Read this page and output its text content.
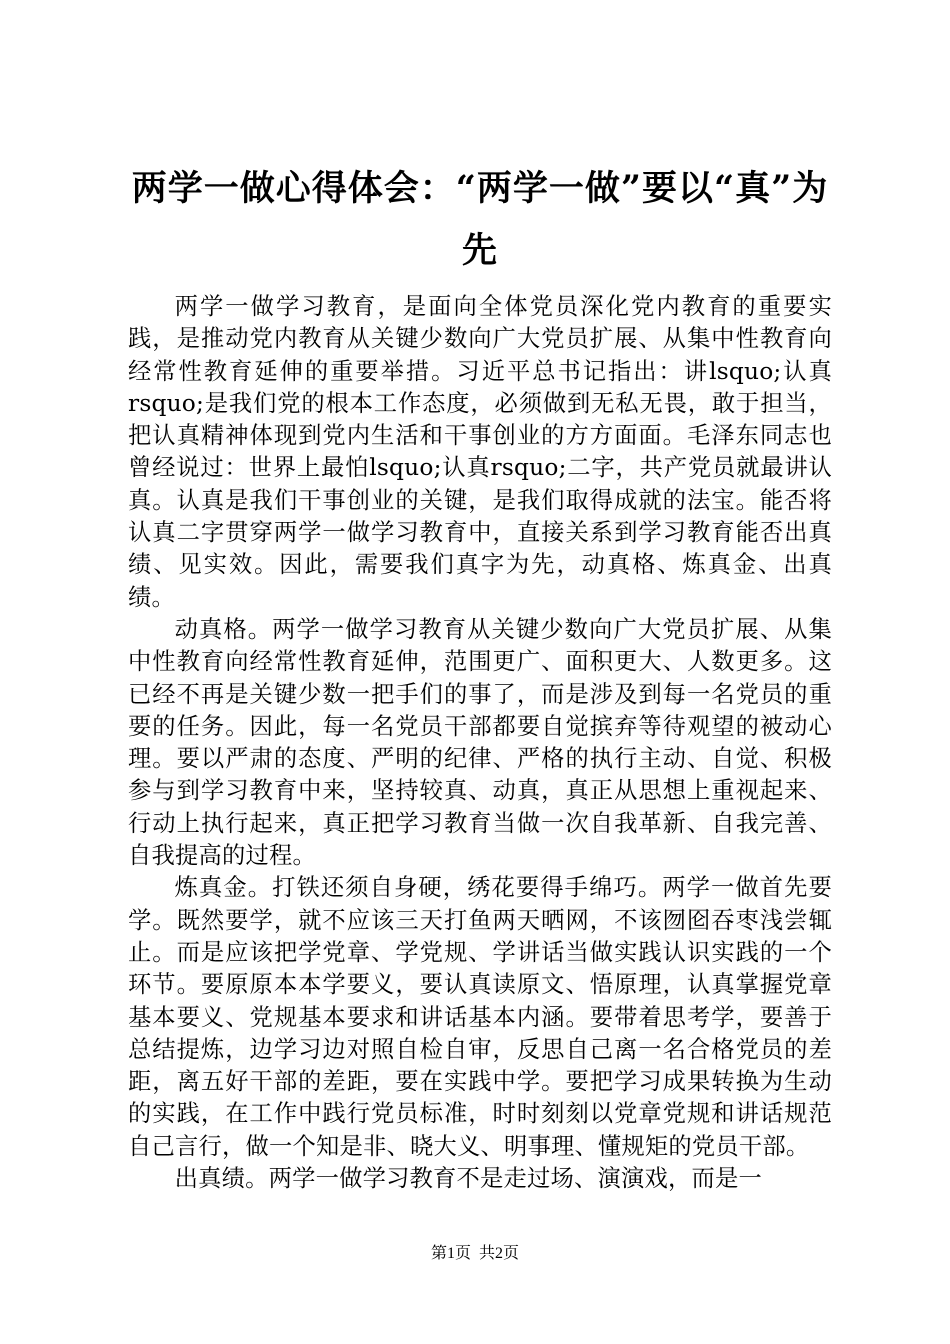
两学一做心得体会：“两学一做”要以“真”为先

两学一做学习教育，是面向全体党员深化党内教育的重要实践，是推动党内教育从关键少数向广大党员扩展、从集中性教育向经常性教育延伸的重要举措。习近平总书记指出：讲lsquo;认真rsquo;是我们党的根本工作态度，必须做到无私无畏，敢于担当，把认真精神体现到党内生活和干事创业的方方面面。毛泽东同志也曾经说过：世界上最怕lsquo;认真rsquo;二字，共产党员就最讲认真。认真是我们干事创业的关键，是我们取得成就的法宝。能否将认真二字贯穿两学一做学习教育中，直接关系到学习教育能否出真绩、见实效。因此，需要我们真字为先，动真格、炼真金、出真绩。

动真格。两学一做学习教育从关键少数向广大党员扩展、从集中性教育向经常性教育延伸，范围更广、面积更大、人数更多。这已经不再是关键少数一把手们的事了，而是涉及到每一名党员的重要的任务。因此，每一名党员干部都要自觉摈弃等待观望的被动心理。要以严肃的态度、严明的纪律、严格的执行主动、自觉、积极参与到学习教育中来，坚持较真、动真，真正从思想上重视起来、行动上执行起来，真正把学习教育当做一次自我革新、自我完善、自我提高的过程。

炼真金。打铁还须自身硬，绣花要得手绵巧。两学一做首先要学。既然要学，就不应该三天打鱼两天晒网，不该囫囵吞枣浅尝辄止。而是应该把学党章、学党规、学讲话当做实践认识实践的一个环节。要原原本本学要义，要认真读原文、悟原理，认真掌握党章基本要义、党规基本要求和讲话基本内涵。要带着思考学，要善于总结提炼，边学习边对照自检自审，反思自己离一名合格党员的差距，离五好干部的差距，要在实践中学。要把学习成果转换为生动的实践，在工作中践行党员标准，时时刻刻以党章党规和讲话规范自己言行，做一个知是非、晓大义、明事理、懂规矩的党员干部。

出真绩。两学一做学习教育不是走过场、演演戏，而是一

第1页 共2页
